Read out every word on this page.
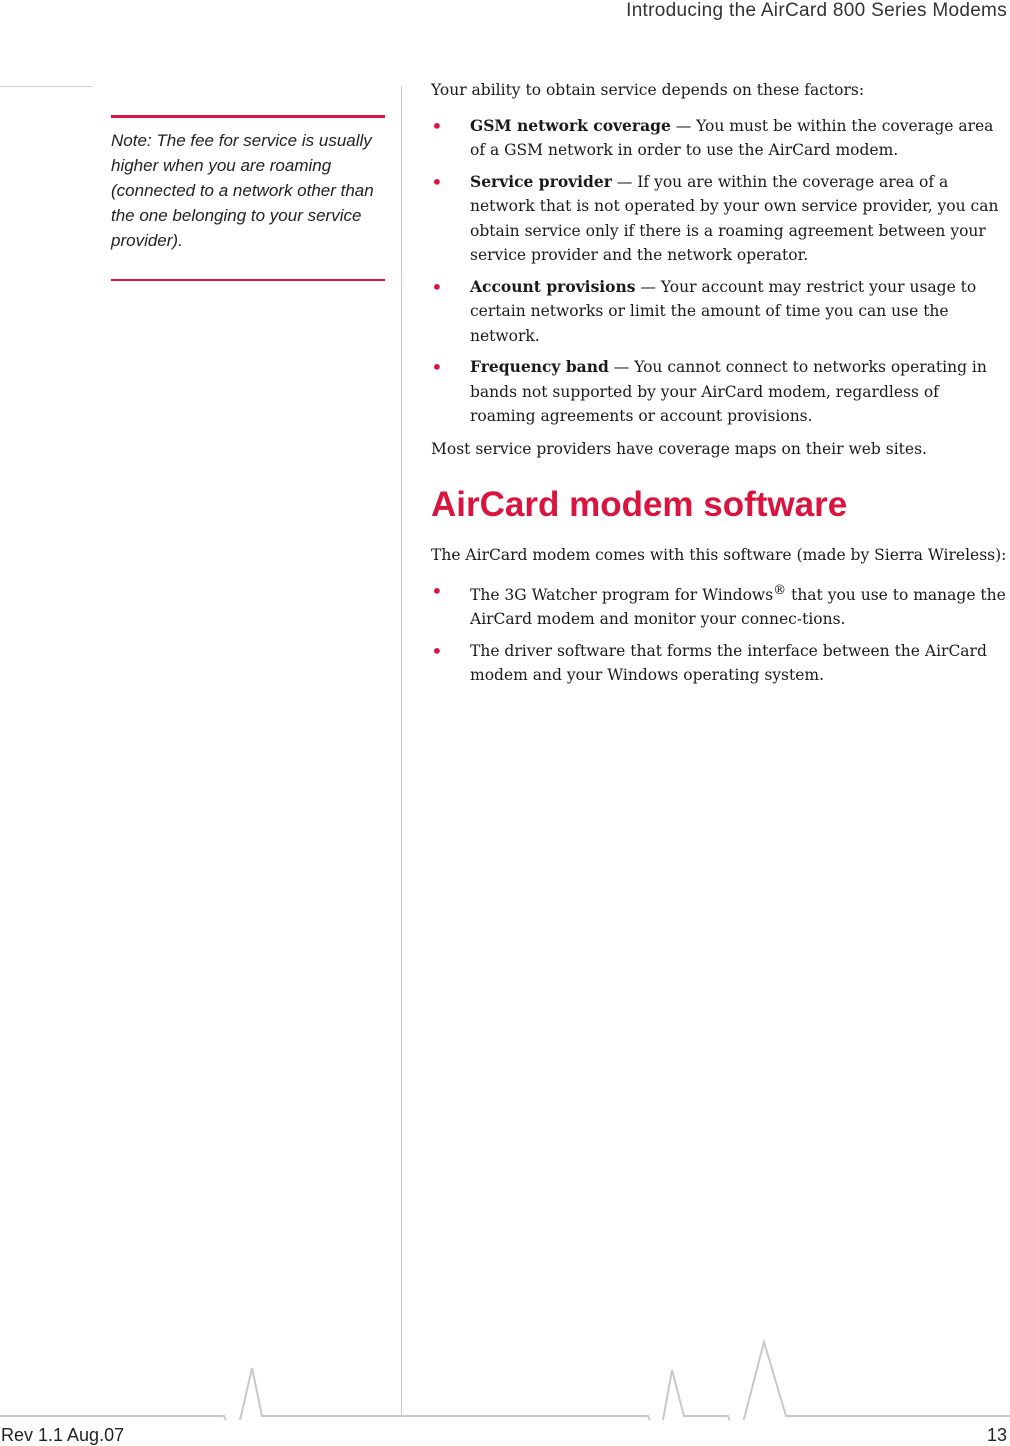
Introducing the AirCard 800 Series Modems

Note: The fee for service is usually higher when you are roaming (connected to a network other than the one belonging to your service provider).

Your ability to obtain service depends on these factors:

• GSM network coverage — You must be within the coverage area of a GSM network in order to use the AirCard modem.
• Service provider — If you are within the coverage area of a network that is not operated by your own service provider, you can obtain service only if there is a roaming agreement between your service provider and the network operator.
• Account provisions — Your account may restrict your usage to certain networks or limit the amount of time you can use the network.
• Frequency band — You cannot connect to networks operating in bands not supported by your AirCard modem, regardless of roaming agreements or account provisions.

Most service providers have coverage maps on their web sites.

AirCard modem software

The AirCard modem comes with this software (made by Sierra Wireless):

• The 3G Watcher program for Windows® that you use to manage the AirCard modem and monitor your connec-tions.
• The driver software that forms the interface between the AirCard modem and your Windows operating system.
Rev 1.1 Aug.07	13
